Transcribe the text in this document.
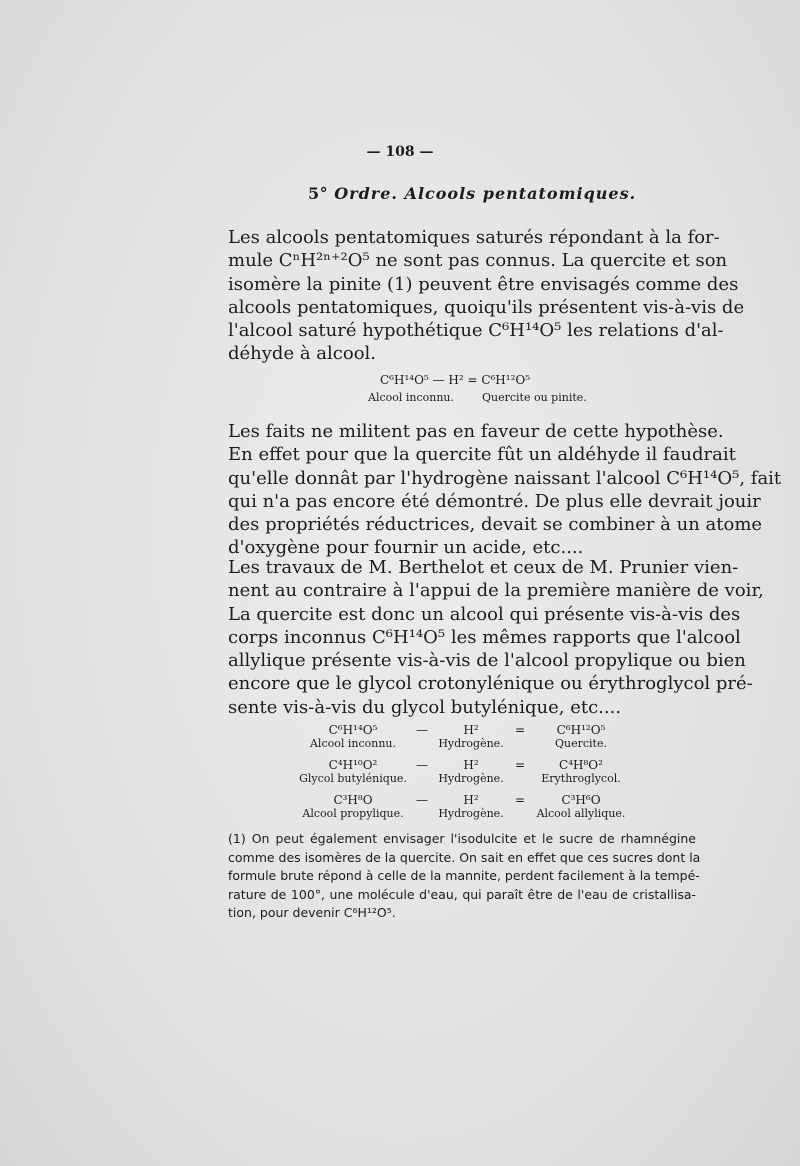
— 108 —
5° Ordre. Alcools pentatomiques.
Les alcools pentatomiques saturés répondant à la for-
mule CⁿH²ⁿ⁺²O⁵ ne sont pas connus. La quercite et son
isomère la pinite (1) peuvent être envisagés comme des
alcools pentatomiques, quoiqu'ils présentent vis-à-vis de
l'alcool saturé hypothétique C⁶H¹⁴O⁵ les relations d'al-
déhyde à alcool.
C⁶H¹⁴O⁵ — H² = C⁶H¹²O⁵
Alcool inconnu.	Quercite ou pinite.
Les faits ne militent pas en faveur de cette hypothèse.
En effet pour que la quercite fût un aldéhyde il faudrait
qu'elle donnât par l'hydrogène naissant l'alcool C⁶H¹⁴O⁵, fait
qui n'a pas encore été démontré. De plus elle devrait jouir
des propriétés réductrices, devait se combiner à un atome
d'oxygène pour fournir un acide, etc....
Les travaux de M. Berthelot et ceux de M. Prunier vien-
nent au contraire à l'appui de la première manière de voir,
La quercite est donc un alcool qui présente vis-à-vis des
corps inconnus C⁶H¹⁴O⁵ les mêmes rapports que l'alcool
allylique présente vis-à-vis de l'alcool propylique ou bien
encore que le glycol crotonylénique ou érythroglycol pré-
sente vis-à-vis du glycol butylénique, etc....
C⁶H¹⁴O⁵	—	H²	=	C⁶H¹²O⁵
Alcool inconnu.		Hydrogène.		Quercite.
C⁴H¹⁰O²	—	H²	=	C⁴H⁸O²
Glycol butylénique.		Hydrogène.		Erythroglycol.
C³H⁸O	—	H²	=	C³H⁶O
Alcool propylique.		Hydrogène.		Alcool allylique.
(1) On peut également envisager l'isodulcite et le sucre de rhamnégine
comme des isomères de la quercite. On sait en effet que ces sucres dont la
formule brute répond à celle de la mannite, perdent facilement à la tempé-
rature de 100°, une molécule d'eau, qui paraît être de l'eau de cristallisa-
tion, pour devenir C⁶H¹²O⁵.
